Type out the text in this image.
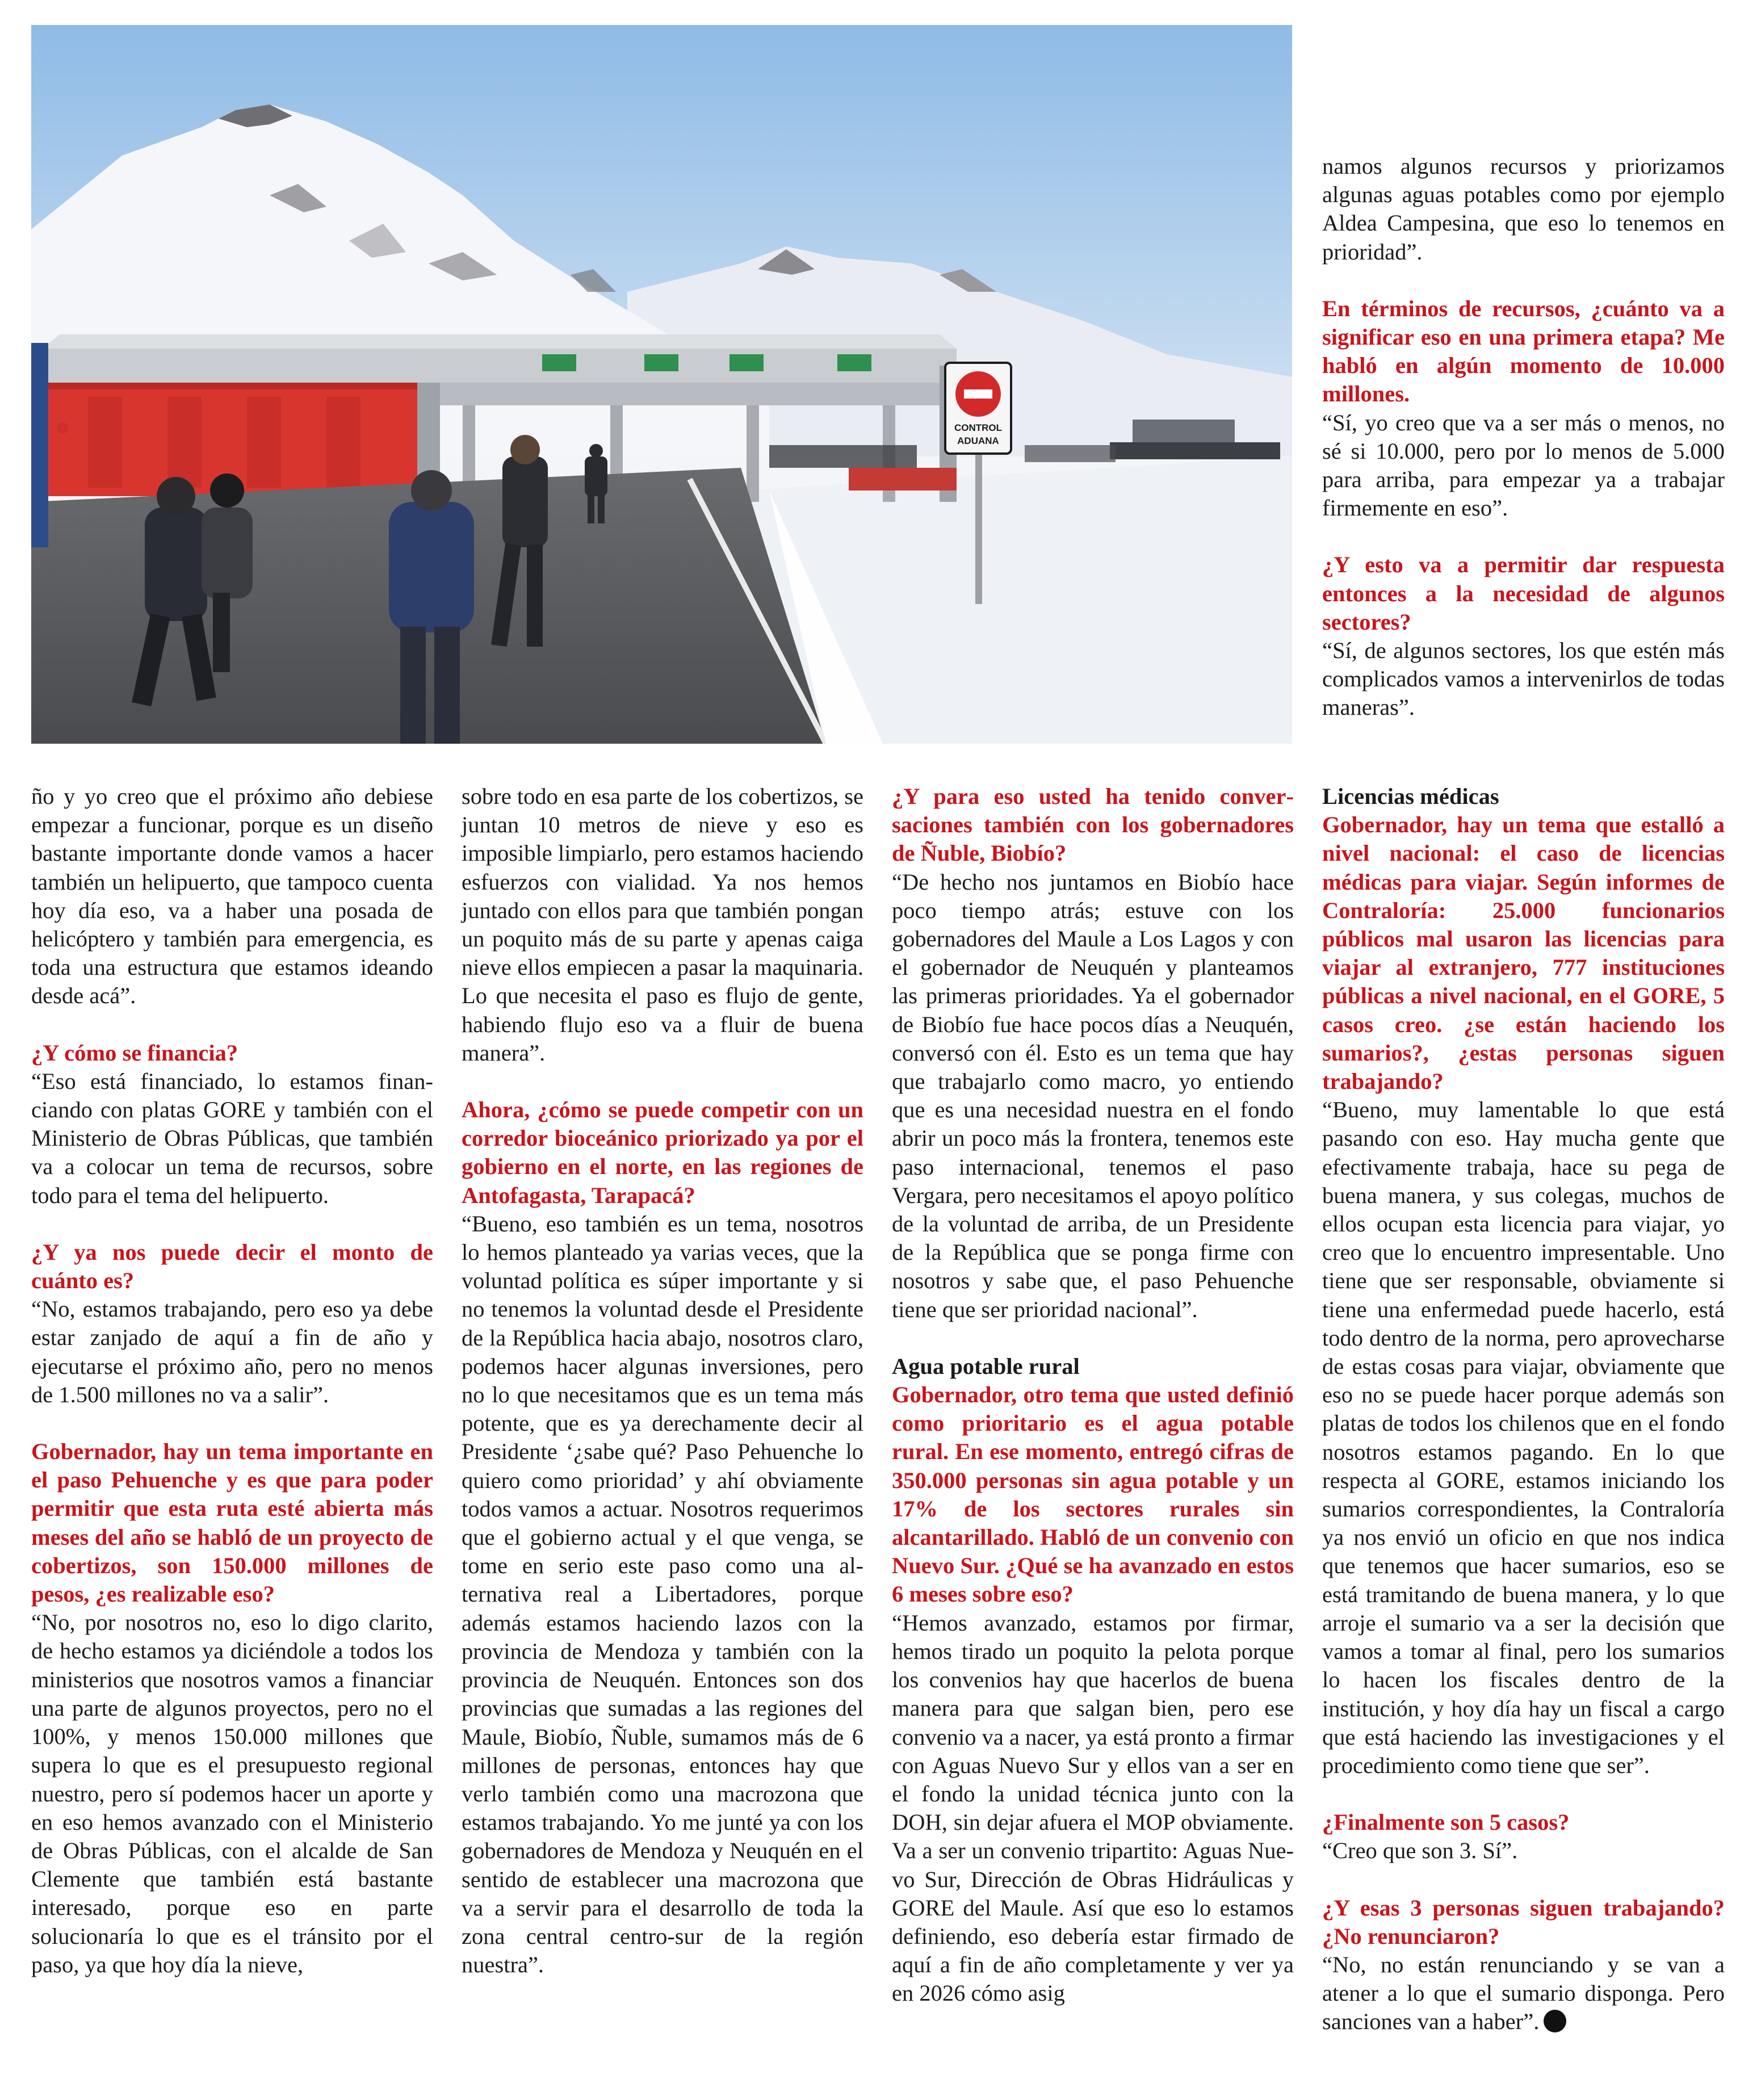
CONTROL
ADUANA

namos algunos recursos y priorizamos algunas aguas potables como por ejemplo Aldea Campesina, que eso lo tenemos en prioridad”.

En términos de recursos, ¿cuánto va a significar eso en una primera etapa? Me habló en algún momento de 10.000 millones.

“Sí, yo creo que va a ser más o menos, no sé si 10.000, pero por lo menos de 5.000 para arriba, para empezar ya a trabajar firmemente en eso”.

¿Y esto va a permitir dar respuesta entonces a la necesidad de algunos sectores?

“Sí, de algunos sectores, los que estén más complicados vamos a intervenirlos de todas maneras”.

ño y yo creo que el próximo año debiese empezar a funcionar, porque es un diseño bastante importante donde vamos a hacer también un helipuerto, que tampoco cuenta hoy día eso, va a haber una posada de helicóptero y también para emergencia, es toda una estructura que estamos ideando desde acá”.

¿Y cómo se financia?

“Eso está financiado, lo estamos financiando con platas GORE y también con el Ministerio de Obras Públicas, que también va a colocar un tema de recursos, sobre todo para el tema del helipuerto.

¿Y ya nos puede decir el monto de cuánto es?

“No, estamos trabajando, pero eso ya debe estar zanjado de aquí a fin de año y ejecutarse el próximo año, pero no menos de 1.500 millones no va a salir”.

Gobernador, hay un tema importante en el paso Pehuenche y es que para poder permitir que esta ruta esté abierta más meses del año se habló de un proyecto de cobertizos, son 150.000 millones de pesos, ¿es realizable eso?

“No, por nosotros no, eso lo digo clarito, de hecho estamos ya diciéndole a todos los ministerios que nosotros vamos a financiar una parte de algunos proyectos, pero no el 100%, y menos 150.000 millones que supera lo que es el presupuesto regional nuestro, pero sí podemos hacer un aporte y en eso hemos avanzado con el Ministerio de Obras Públicas, con el alcalde de San Clemente que también está bastante interesado, porque eso en parte solucionaría lo que es el tránsito por el paso, ya que hoy día la nieve,

sobre todo en esa parte de los cobertizos, se juntan 10 metros de nieve y eso es imposible limpiarlo, pero estamos haciendo esfuerzos con vialidad. Ya nos hemos juntado con ellos para que también pongan un poquito más de su parte y apenas caiga nieve ellos empiecen a pasar la maquinaria. Lo que necesita el paso es flujo de gente, habiendo flujo eso va a fluir de buena manera”.

Ahora, ¿cómo se puede competir con un corredor bioceánico priorizado ya por el gobierno en el norte, en las regiones de Antofagasta, Tarapacá?

“Bueno, eso también es un tema, nosotros lo hemos planteado ya varias veces, que la voluntad política es súper importante y si no tenemos la voluntad desde el Presidente de la República hacia abajo, nosotros claro, podemos hacer algunas inversiones, pero no lo que necesitamos que es un tema más potente, que es ya derechamente decir al Presidente ‘¿sabe qué? Paso Pehuenche lo quiero como prioridad’ y ahí obviamente todos vamos a actuar. Nosotros requerimos que el gobierno actual y el que venga, se tome en serio este paso como una alternativa real a Libertadores, porque además estamos haciendo lazos con la provincia de Mendoza y también con la provincia de Neuquén. Entonces son dos provincias que sumadas a las regiones del Maule, Biobío, Ñuble, sumamos más de 6 millones de personas, entonces hay que verlo también como una macrozona que estamos trabajando. Yo me junté ya con los gobernadores de Mendoza y Neuquén en el sentido de establecer una macrozona que va a servir para el desarrollo de toda la zona central centro-sur de la región nuestra”.

¿Y para eso usted ha tenido conversaciones también con los gobernadores de Ñuble, Biobío?

“De hecho nos juntamos en Biobío hace poco tiempo atrás; estuve con los gobernadores del Maule a Los Lagos y con el gobernador de Neuquén y planteamos las primeras prioridades. Ya el gobernador de Biobío fue hace pocos días a Neuquén, conversó con él. Esto es un tema que hay que trabajarlo como macro, yo entiendo que es una necesidad nuestra en el fondo abrir un poco más la frontera, tenemos este paso internacional, tenemos el paso Vergara, pero necesitamos el apoyo político de la voluntad de arriba, de un Presidente de la República que se ponga firme con nosotros y sabe que, el paso Pehuenche tiene que ser prioridad nacional”.

Agua potable rural

Gobernador, otro tema que usted definió como prioritario es el agua potable rural. En ese momento, entregó cifras de 350.000 personas sin agua potable y un 17% de los sectores rurales sin alcantarillado. Habló de un convenio con Nuevo Sur. ¿Qué se ha avanzado en estos 6 meses sobre eso?

“Hemos avanzado, estamos por firmar, hemos tirado un poquito la pelota porque los convenios hay que hacerlos de buena manera para que salgan bien, pero ese convenio va a nacer, ya está pronto a firmar con Aguas Nuevo Sur y ellos van a ser en el fondo la unidad técnica junto con la DOH, sin dejar afuera el MOP obviamente. Va a ser un convenio tripartito: Aguas Nuevo Sur, Dirección de Obras Hidráulicas y GORE del Maule. Así que eso lo estamos definiendo, eso debería estar firmado de aquí a fin de año completamente y ver ya en 2026 cómo asig

Licencias médicas

Gobernador, hay un tema que estalló a nivel nacional: el caso de licencias médicas para viajar. Según informes de Contraloría: 25.000 funcionarios públicos mal usaron las licencias para viajar al extranjero, 777 instituciones públicas a nivel nacional, en el GORE, 5 casos creo. ¿se están haciendo los sumarios?, ¿estas personas siguen trabajando?

“Bueno, muy lamentable lo que está pasando con eso. Hay mucha gente que efectivamente trabaja, hace su pega de buena manera, y sus colegas, muchos de ellos ocupan esta licencia para viajar, yo creo que lo encuentro impresentable. Uno tiene que ser responsable, obviamente si tiene una enfermedad puede hacerlo, está todo dentro de la norma, pero aprovecharse de estas cosas para viajar, obviamente que eso no se puede hacer porque además son platas de todos los chilenos que en el fondo nosotros estamos pagando. En lo que respecta al GORE, estamos iniciando los sumarios correspondientes, la Contraloría ya nos envió un oficio en que nos indica que tenemos que hacer sumarios, eso se está tramitando de buena manera, y lo que arroje el sumario va a ser la decisión que vamos a tomar al final, pero los sumarios lo hacen los fiscales dentro de la institución, y hoy día hay un fiscal a cargo que está haciendo las investigaciones y el procedimiento como tiene que ser”.

¿Finalmente son 5 casos?

“Creo que son 3. Sí”.

¿Y esas 3 personas siguen trabajando? ¿No renunciaron?

“No, no están renunciando y se van a atener a lo que el sumario disponga. Pero sanciones van a haber”.
